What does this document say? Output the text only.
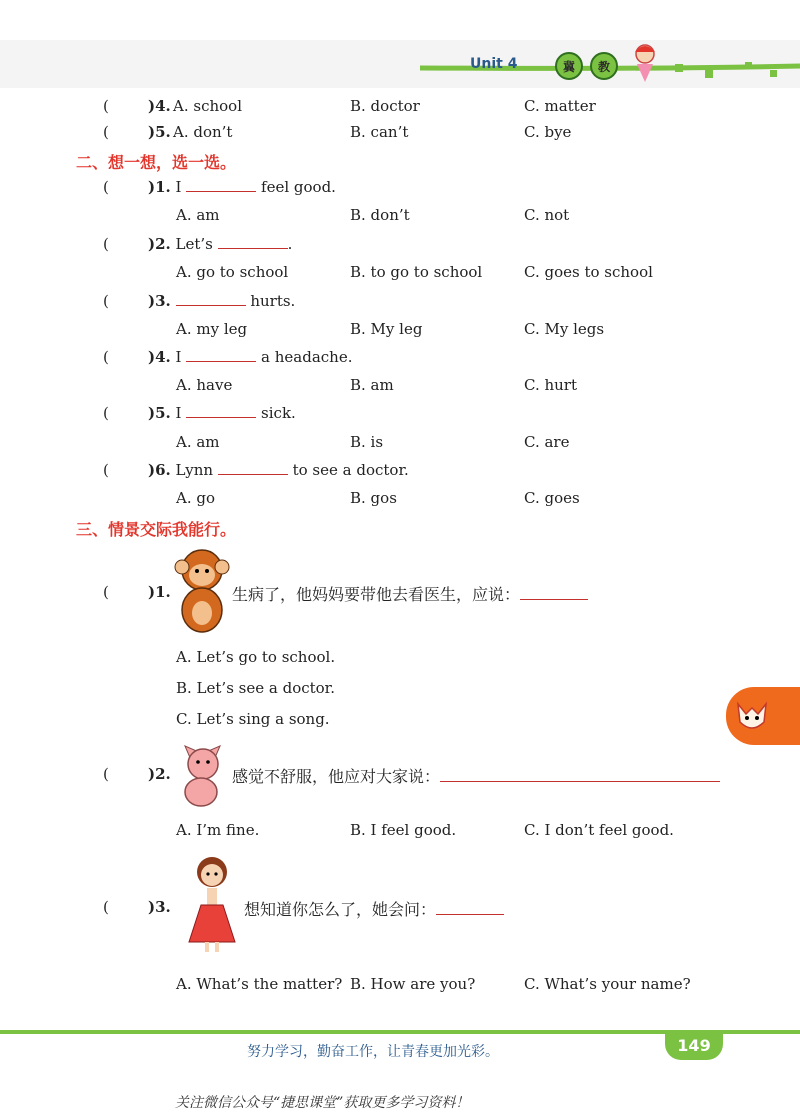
Unit 4	冀	教
(	)4. A. school	B. doctor	C. matter
(	)5. A. don’t	B. can’t	C. bye
二、想一想，选一选。
(	)1. I	feel good.
A. am	B. don’t	C. not
(	)2. Let’s	.
A. go to school	B. to go to school	C. goes to school
(	)3.	hurts.
A. my leg	B. My leg	C. My legs
(	)4. I	a headache.
A. have	B. am	C. hurt
(	)5. I	sick.
A. am	B. is	C. are
(	)6. Lynn	to see a doctor.
A. go	B. gos	C. goes
三、情景交际我能行。
(	)1.	生病了，他妈妈要带他去看医生，应说：
A. Let’s go to school.
B. Let’s see a doctor.
C. Let’s sing a song.
(	)2.	感觉不舒服，他应对大家说：
A. I’m fine.	B. I feel good.	C. I don’t feel good.
(	)3.	想知道你怎么了，她会问：
A. What’s the matter? B. How are you?	C. What’s your name?
努力学习，勤奋工作，让青春更加光彩。	149
关注微信公众号“捷思课堂”获取更多学习资料！
